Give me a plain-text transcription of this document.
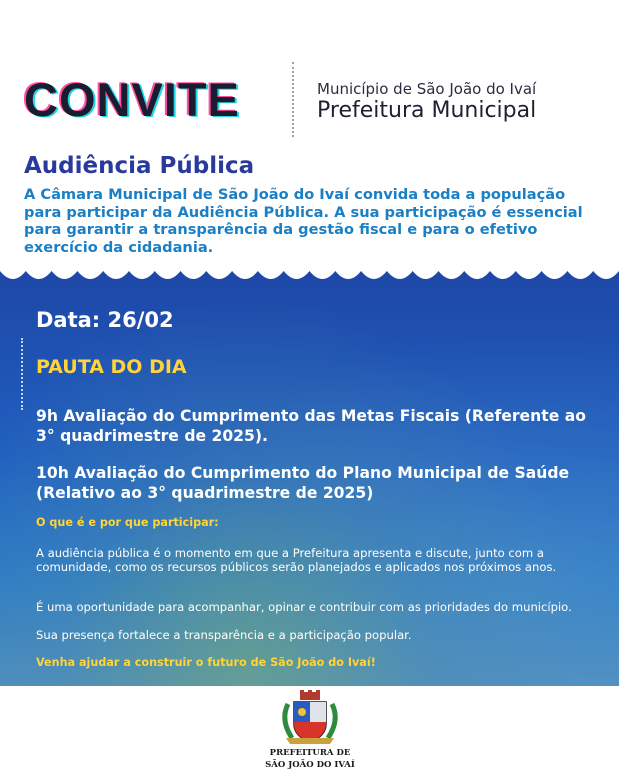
CONVITE	Município de São João do Ivaí
Prefeitura Municipal
Audiência Pública
A Câmara Municipal de São João do Ivaí convida toda a população para participar da Audiência Pública. A sua participação é essencial para garantir a transparência da gestão fiscal e para o efetivo exercício da cidadania.
Data: 26/02
PAUTA DO DIA
9h Avaliação do Cumprimento das Metas Fiscais (Referente ao 3° quadrimestre de 2025).
10h Avaliação do Cumprimento do Plano Municipal de Saúde (Relativo ao 3° quadrimestre de 2025)
O que é e por que participar:
A audiência pública é o momento em que a Prefeitura apresenta e discute, junto com a comunidade, como os recursos públicos serão planejados e aplicados nos próximos anos.
É uma oportunidade para acompanhar, opinar e contribuir com as prioridades do município.
Sua presença fortalece a transparência e a participação popular.
Venha ajudar a construir o futuro de São João do Ivaí!
PREFEITURA DE
SÃO JOÃO DO IVAÍ
